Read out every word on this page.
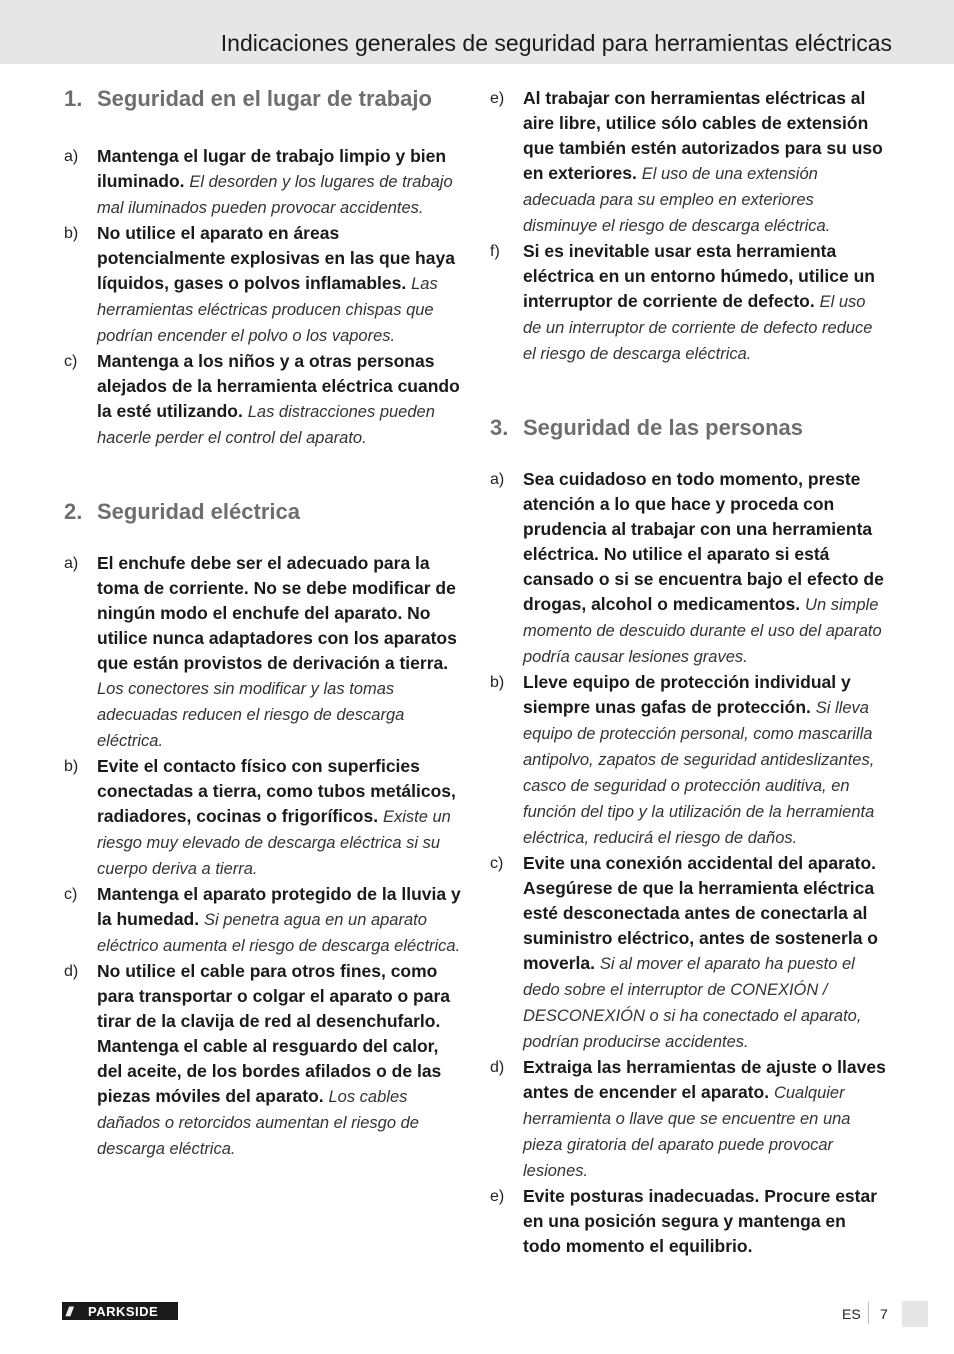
Indicaciones generales de seguridad para herramientas eléctricas
1. Seguridad en el lugar de trabajo
a)	Mantenga el lugar de trabajo limpio y bien iluminado. El desorden y los lugares de trabajo mal iluminados pueden provocar accidentes.
b)	No utilice el aparato en áreas potencialmente explosivas en las que haya líquidos, gases o polvos inflamables. Las herramientas eléctricas producen chispas que podrían encender el polvo o los vapores.
c)	Mantenga a los niños y a otras personas alejados de la herramienta eléctrica cuando la esté utilizando. Las distracciones pueden hacerle perder el control del aparato.
2. Seguridad eléctrica
a)	El enchufe debe ser el adecuado para la toma de corriente. No se debe modificar de ningún modo el enchufe del aparato. No utilice nunca adaptadores con los aparatos que están provistos de derivación a tierra. Los conectores sin modificar y las tomas adecuadas reducen el riesgo de descarga eléctrica.
b)	Evite el contacto físico con superficies conectadas a tierra, como tubos metálicos, radiadores, cocinas o frigoríficos. Existe un riesgo muy elevado de descarga eléctrica si su cuerpo deriva a tierra.
c)	Mantenga el aparato protegido de la lluvia y la humedad. Si penetra agua en un aparato eléctrico aumenta el riesgo de descarga eléctrica.
d)	No utilice el cable para otros fines, como para transportar o colgar el aparato o para tirar de la clavija de red al desenchufarlo. Mantenga el cable al resguardo del calor, del aceite, de los bordes afilados o de las piezas móviles del aparato. Los cables dañados o retorcidos aumentan el riesgo de descarga eléctrica.
e)	Al trabajar con herramientas eléctricas al aire libre, utilice sólo cables de extensión que también estén autorizados para su uso en exteriores. El uso de una extensión adecuada para su empleo en exteriores disminuye el riesgo de descarga eléctrica.
f)	Si es inevitable usar esta herramienta eléctrica en un entorno húmedo, utilice un interruptor de corriente de defecto. El uso de un interruptor de corriente de defecto reduce el riesgo de descarga eléctrica.
3. Seguridad de las personas
a)	Sea cuidadoso en todo momento, preste atención a lo que hace y proceda con prudencia al trabajar con una herramienta eléctrica. No utilice el aparato si está cansado o si se encuentra bajo el efecto de drogas, alcohol o medicamentos. Un simple momento de descuido durante el uso del aparato podría causar lesiones graves.
b)	Lleve equipo de protección individual y siempre unas gafas de protección. Si lleva equipo de protección personal, como mascarilla antipolvo, zapatos de seguridad antideslizantes, casco de seguridad o protección auditiva, en función del tipo y la utilización de la herramienta eléctrica, reducirá el riesgo de daños.
c)	Evite una conexión accidental del aparato. Asegúrese de que la herramienta eléctrica esté desconectada antes de conectarla al suministro eléctrico, antes de sostenerla o moverla. Si al mover el aparato ha puesto el dedo sobre el interruptor de CONEXIÓN / DESCONEXIÓN o si ha conectado el aparato, podrían producirse accidentes.
d)	Extraiga las herramientas de ajuste o llaves antes de encender el aparato. Cualquier herramienta o llave que se encuentre en una pieza giratoria del aparato puede provocar lesiones.
e)	Evite posturas inadecuadas. Procure estar en una posición segura y mantenga en todo momento el equilibrio.
///	PARKSIDE	ES 7
